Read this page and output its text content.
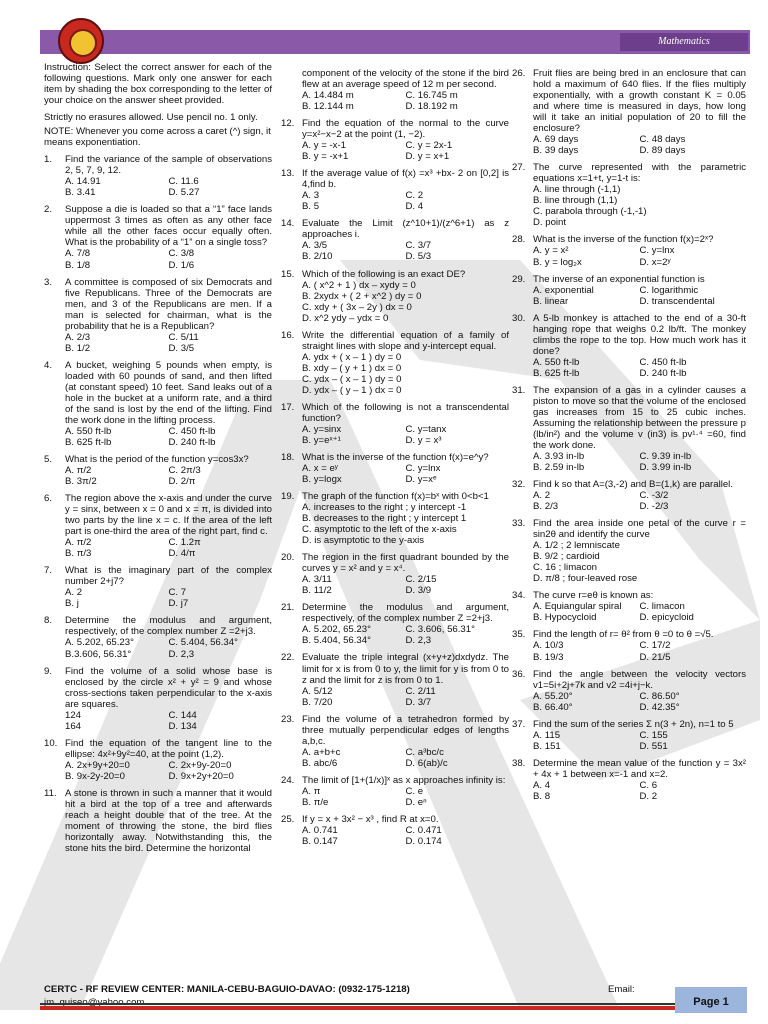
Mathematics

Instruction: Select the correct answer for each of the following questions. Mark only one answer for each item by shading the box corresponding to the letter of your choice on the answer sheet provided.

Strictly no erasures allowed. Use pencil no. 1 only.

NOTE: Whenever you come across a caret (^) sign, it means exponentiation.

1.	Find the variance of the sample of observations 2, 5, 7, 9, 12.
A. 14.91	C. 11.6
B. 3.41	D. 5.27
2.	Suppose a die is loaded so that a “1” face lands uppermost 3 times as often as any other face while all the other faces occur equally often. What is the probability of a “1” on a single toss?
A. 7/8	C. 3/8
B. 1/8	D. 1/6
3.	A committee is composed of six Democrats and five Republicans. Three of the Democrats are men, and 3 of the Republicans are men. If a man is selected for chairman, what is the probability that he is a Republican?
A. 2/3	C. 5/11
B. 1/2	D. 3/5
4.	A bucket, weighing 5 pounds when empty, is loaded with 60 pounds of sand, and then lifted (at constant speed) 10 feet. Sand leaks out of a hole in the bucket at a uniform rate, and a third of the sand is lost by the end of the lifting. Find the work done in the lifting process.
A. 550 ft-lb	C. 450 ft-lb
B. 625 ft-lb	D. 240 ft-lb
5.	What is the period of the function y=cos3x?
A. π/2	C. 2π/3
B. 3π/2	D. 2/π
6.	The region above the x-axis and under the curve y = sinx, between x = 0 and x = π, is divided into two parts by the line x = c. If the area of the left part is one-third the area of the right part, find c.
A. π/2	C. 1.2π
B. π/3	D. 4/π
7.	What is the imaginary part of the complex number 2+j7?
A. 2	C. 7
B. j	D. j7
8.	Determine the modulus and argument, respectively, of the complex number Z =2+j3.
A. 5.202, 65.23°	C. 5.404, 56.34°
B.3.606, 56.31°	D. 2,3
9.	Find the volume of a solid whose base is enclosed by the circle x² + y² = 9 and whose cross-sections taken perpendicular to the x-axis are squares.
124	C. 144
164	D. 134
10. Find the equation of the tangent line to the ellipse: 4x²+9y²=40, at the point (1,2).
A. 2x+9y+20=0	C. 2x+9y-20=0
B. 9x-2y-20=0	D. 9x+2y+20=0
11. A stone is thrown in such a manner that it would hit a bird at the top of a tree and afterwards reach a height double that of the tree. At the moment of throwing the stone, the bird flies horizontally away. Notwithstanding this, the stone hits the bird. Determine the horizontal
component of the velocity of the stone if the bird flew at an average speed of 12 m per second.
A. 14.484 m	C. 16.745 m
B. 12.144 m	D. 18.192 m
12. Find the equation of the normal to the curve y=x²−x−2 at the point (1, −2).
A. y = -x-1	C. y = 2x-1
B. y = -x+1	D. y = x+1
13. If the average value of f(x) =x³ +bx- 2 on [0,2] is 4,find b.
A. 3	C. 2
B. 5	D. 4
14. Evaluate the Limit (z^10+1)/(z^6+1) as z approaches i.
A. 3/5	C. 3/7
B. 2/10	D. 5/3
15. Which of the following is an exact DE?
A. ( x^2 + 1 ) dx – xydy = 0
B. 2xydx + ( 2 + x^2 ) dy = 0
C. xdy + ( 3x – 2y ) dx = 0
D. x^2 ydy – ydx = 0
16. Write the differential equation of a family of straight lines with slope and y-intercept equal.
A. ydx + ( x – 1 ) dy = 0
B. xdy – ( y + 1 ) dx = 0
C. ydx – ( x – 1 ) dy = 0
D. ydx – ( y – 1 ) dx = 0
17. Which of the following is not a transcendental function?
A. y=sinx	C. y=tanx
B. y=eˣ⁺¹	D. y = x³
18. What is the inverse of the function f(x)=e^y?
A. x = eʸ	C. y=lnx
B. y=logx	D. y=xᵉ
19. The graph of the function f(x)=bˣ with 0<b<1
A. increases to the right ; y intercept -1
B. decreases to the right ; y intercept 1
C. asymptotic to the left of the x-axis
D. is asymptotic to the y-axis
20. The region in the first quadrant bounded by the curves y = x² and y = x⁴.
A. 3/11	C. 2/15
B. 11/2	D. 3/9
21. Determine the modulus and argument, respectively, of the complex number Z =2+j3.
A. 5.202, 65.23°	C. 3.606, 56.31°
B. 5.404, 56.34°	D. 2,3
22. Evaluate the triple integral (x+y+z)dxdydz. The limit for x is from 0 to y, the limit for y is from 0 to z and the limit for z is from 0 to 1.
A. 5/12	C. 2/11
B. 7/20	D. 3/7
23. Find the volume of a tetrahedron formed by three mutually perpendicular edges of lengths a,b,c.
A. a+b+c	C. a³bc/c
B. abc/6	D. 6(ab)/c
24. The limit of [1+(1/x)]ˣ as x approaches infinity is:
A. π	C. e
B. π/e	D. eⁿ
25. If y = x + 3x² − x³ , find R at x=0.
A. 0.741	C. 0.471
B. 0.147	D. 0.174
26. Fruit flies are being bred in an enclosure that can hold a maximum of 640 flies. If the flies multiply exponentially, with a growth constant K = 0.05 and where time is measured in days, how long will it take an initial population of 20 to fill the enclosure?
A. 69 days	C. 48 days
B. 39 days	D. 89 days
27. The curve represented with the parametric equations x=1+t, y=1-t is:
A. line through (-1,1)
B. line through (1,1)
C. parabola through (-1,-1)
D. point
28. What is the inverse of the function f(x)=2ˣ?
A. y = x²	C. y=lnx
B. y = log₂x	D. x=2ʸ
29. The inverse of an exponential function is
A. exponential	C. logarithmic
B. linear	D. transcendental
30. A 5-lb monkey is attached to the end of a 30-ft hanging rope that weighs 0.2 lb/ft. The monkey climbs the rope to the top. How much work has it done?
A. 550 ft-lb	C. 450 ft-lb
B. 625 ft-lb	D. 240 ft-lb
31. The expansion of a gas in a cylinder causes a piston to move so that the volume of the enclosed gas increases from 15 to 25 cubic inches. Assuming the relationship between the pressure p (lb/in²) and the volume v (in3) is pv¹·⁴ =60, find the work done.
A. 3.93 in-lb	C. 9.39 in-lb
B. 2.59 in-lb	D. 3.99 in-lb
32. Find k so that A=(3,-2) and B=(1,k) are parallel.
A. 2	C. -3/2
B. 2/3	D. -2/3
33. Find the area inside one petal of the curve r = sin2θ and identify the curve
A. 1/2 ; 2 lemniscate
B. 9/2 ; cardioid
C. 16 ; limacon
D. π/8 ; four-leaved rose
34. The curve r=eθ is known as:
A. Equiangular spiral	C. limacon
B. Hypocycloid	D. epicycloid
35. Find the length of r= θ² from θ =0 to θ =√5.
A. 10/3	C. 17/2
B. 19/3	D. 21/5
36. Find the angle between the velocity vectors v1=5i+2j+7k and v2 =4i+j−k.
A. 55.20°	C. 86.50°
B. 66.40°	D. 42.35°
37. Find the sum of the series Σ n(3 + 2n), n=1 to 5
A. 115	C. 155
B. 151	D. 551
38. Determine the mean value of the function y = 3x² + 4x + 1 between x=-1 and x=2.
A. 4	C. 6
B. 8	D. 2
CERTC - RF REVIEW CENTER: MANILA-CEBU-BAGUIO-DAVAO: (0932-175-1218)	Email:
Page 1
